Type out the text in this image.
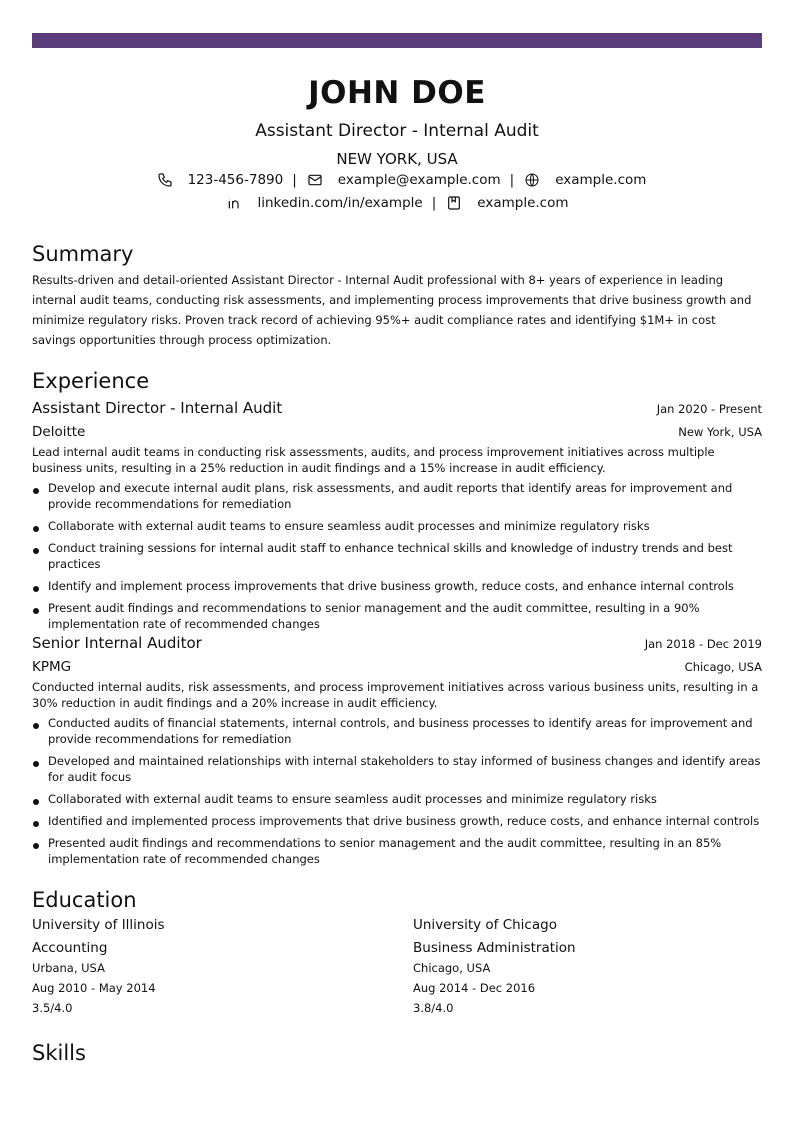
JOHN DOE
Assistant Director - Internal Audit
NEW YORK, USA
123-456-7890 |	example@example.com |	example.com
linkedin.com/in/example |	example.com
Summary
Results-driven and detail-oriented Assistant Director - Internal Audit professional with 8+ years of experience in leading internal audit teams, conducting risk assessments, and implementing process improvements that drive business growth and minimize regulatory risks. Proven track record of achieving 95%+ audit compliance rates and identifying $1M+ in cost savings opportunities through process optimization.
Experience
Assistant Director - Internal Audit	Jan 2020 - Present
Deloitte	New York, USA
Lead internal audit teams in conducting risk assessments, audits, and process improvement initiatives across multiple business units, resulting in a 25% reduction in audit findings and a 15% increase in audit efficiency.
Develop and execute internal audit plans, risk assessments, and audit reports that identify areas for improvement and provide recommendations for remediation
Collaborate with external audit teams to ensure seamless audit processes and minimize regulatory risks
Conduct training sessions for internal audit staff to enhance technical skills and knowledge of industry trends and best practices
Identify and implement process improvements that drive business growth, reduce costs, and enhance internal controls
Present audit findings and recommendations to senior management and the audit committee, resulting in a 90% implementation rate of recommended changes
Senior Internal Auditor	Jan 2018 - Dec 2019
KPMG	Chicago, USA
Conducted internal audits, risk assessments, and process improvement initiatives across various business units, resulting in a 30% reduction in audit findings and a 20% increase in audit efficiency.
Conducted audits of financial statements, internal controls, and business processes to identify areas for improvement and provide recommendations for remediation
Developed and maintained relationships with internal stakeholders to stay informed of business changes and identify areas for audit focus
Collaborated with external audit teams to ensure seamless audit processes and minimize regulatory risks
Identified and implemented process improvements that drive business growth, reduce costs, and enhance internal controls
Presented audit findings and recommendations to senior management and the audit committee, resulting in an 85% implementation rate of recommended changes
Education
University of Illinois
Accounting
Urbana, USA
Aug 2010 - May 2014
3.5/4.0
University of Chicago
Business Administration
Chicago, USA
Aug 2014 - Dec 2016
3.8/4.0
Skills
